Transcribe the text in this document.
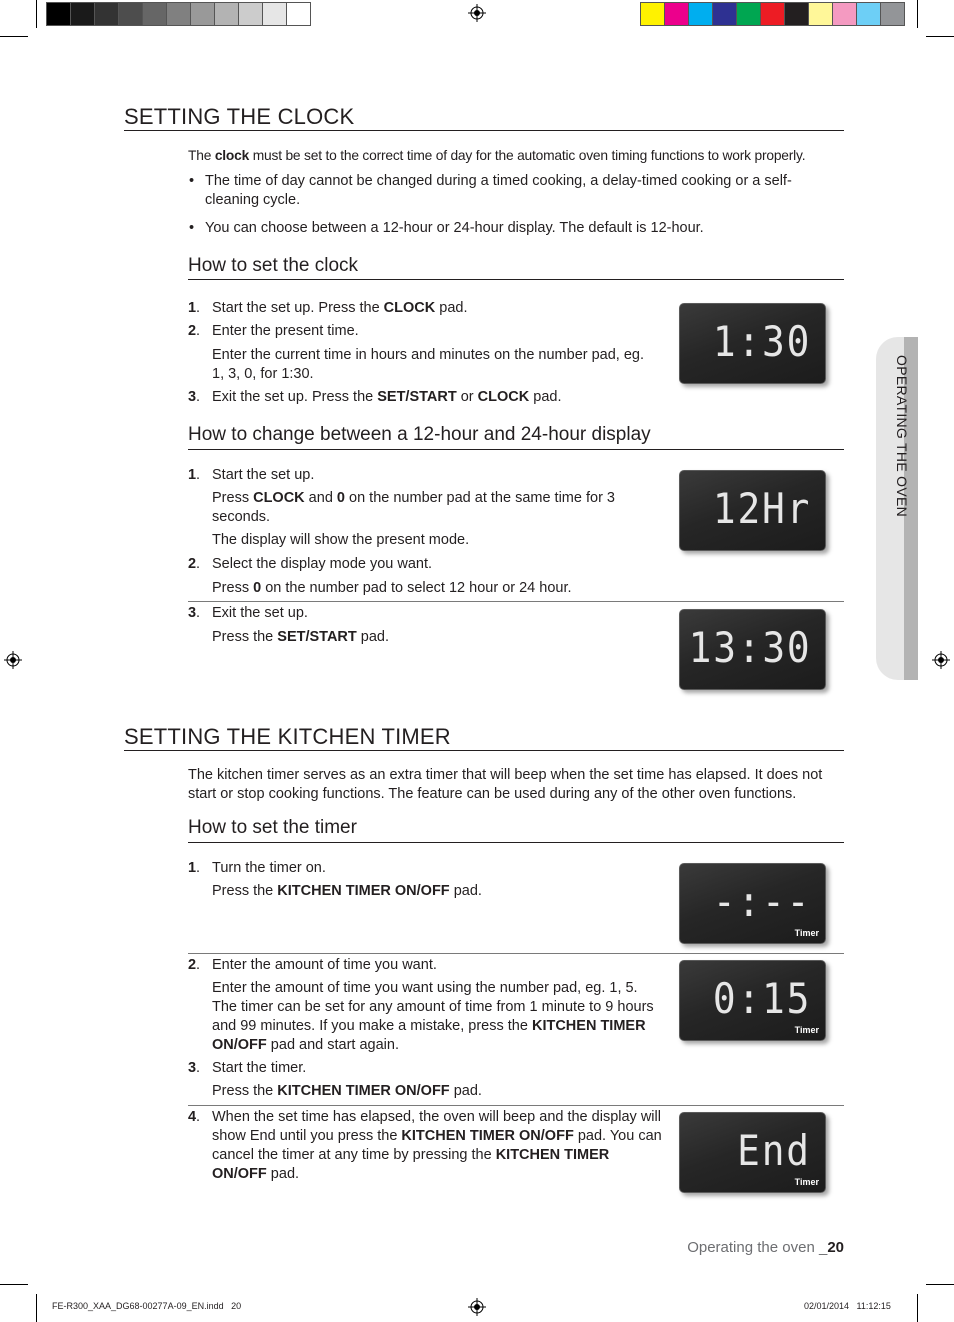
OPERATING THE OVEN
SETTING THE CLOCK
The clock must be set to the correct time of day for the automatic oven timing functions to work properly.
• The time of day cannot be changed during a timed cooking, a delay-timed cooking or a self-cleaning cycle.
• You can choose between a 12-hour or 24-hour display. The default is 12-hour.
How to set the clock
1 . Start the set up. Press the CLOCK pad.
2 . Enter the present time.
Enter the current time in hours and minutes on the number pad, eg. 1, 3, 0, for 1:30.
3 . Exit the set up. Press the SET/START or CLOCK pad.
1:30
How to change between a 12-hour and 24-hour display
1 . Start the set up.
Press CLOCK and 0 on the number pad at the same time for 3 seconds.
The display will show the present mode.
2 . Select the display mode you want.
Press 0 on the number pad to select 12 hour or 24 hour.
12Hr
3 . Exit the set up.
Press the SET/START pad.	13:30
SETTING THE KITCHEN TIMER
The kitchen timer serves as an extra timer that will beep when the set time has elapsed. It does not start or stop cooking functions. The feature can be used during any of the other oven functions.
How to set the timer
1 . Turn the timer on.
Press the KITCHEN TIMER ON/OFF pad.	-:--
Timer
2 . Enter the amount of time you want.
Enter the amount of time you want using the number pad, eg. 1, 5. The timer can be set for any amount of time from 1 minute to 9 hours and 99 minutes. If you make a mistake, press the KITCHEN TIMER ON/OFF pad and start again.
3 . Start the timer.
Press the KITCHEN TIMER ON/OFF pad.
0:15
Timer
4 . When the set time has elapsed, the oven will beep and the display will show End until you press the KITCHEN TIMER ON/OFF pad. You can cancel the timer at any time by pressing the KITCHEN TIMER ON/OFF pad.	End
Timer
Operating the oven _20
FE-R300_XAA_DG68-00277A-09_EN.indd   20	02/01/2014   11:12:15
